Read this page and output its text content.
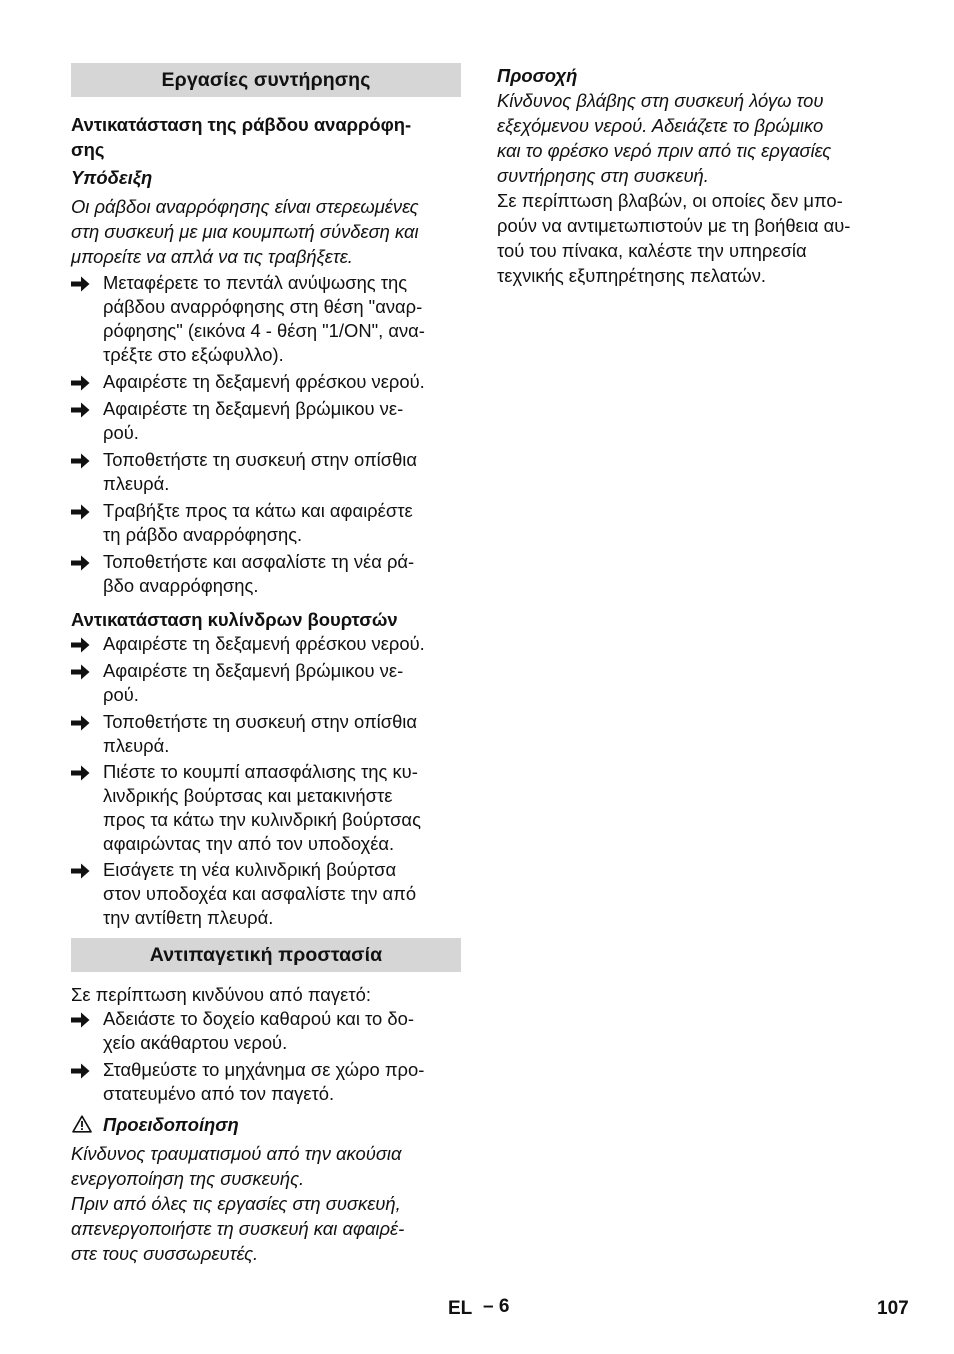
Εργασίες συντήρησης

Αντικατάσταση της ράβδου αναρρόφη-
σης

Υπόδειξη

Οι ράβδοι αναρρόφησης είναι στερεωμένες
στη συσκευή με μια κουμπωτή σύνδεση και
μπορείτε να απλά να τις τραβήξετε.

Μεταφέρετε το πεντάλ ανύψωσης της
ράβδου αναρρόφησης στη θέση "αναρ-
ρόφησης" (εικόνα 4 - θέση "1/ON", ανα-
τρέξτε στο εξώφυλλο).
Αφαιρέστε τη δεξαμενή φρέσκου νερού.
Αφαιρέστε τη δεξαμενή βρώμικου νε-
ρού.
Τοποθετήστε τη συσκευή στην οπίσθια
πλευρά.
Τραβήξτε προς τα κάτω και αφαιρέστε
τη ράβδο αναρρόφησης.
Τοποθετήστε και ασφαλίστε τη νέα ρά-
βδο αναρρόφησης.

Αντικατάσταση κυλίνδρων βουρτσών

Αφαιρέστε τη δεξαμενή φρέσκου νερού.
Αφαιρέστε τη δεξαμενή βρώμικου νε-
ρού.
Τοποθετήστε τη συσκευή στην οπίσθια
πλευρά.
Πιέστε το κουμπί απασφάλισης της κυ-
λινδρικής βούρτσας και μετακινήστε
προς τα κάτω την κυλινδρική βούρτσας
αφαιρώντας την από τον υποδοχέα.
Εισάγετε τη νέα κυλινδρική βούρτσα
στον υποδοχέα και ασφαλίστε την από
την αντίθετη πλευρά.
Αντιπαγετική προστασία

Σε περίπτωση κινδύνου από παγετό:

Αδειάστε το δοχείο καθαρού και το δο-
χείο ακάθαρτου νερού.
Σταθμεύστε το μηχάνημα σε χώρο προ-
στατευμένο από τον παγετό.
Προειδοποίηση

Κίνδυνος τραυματισμού από την ακούσια
ενεργοποίηση της συσκευής.
Πριν από όλες τις εργασίες στη συσκευή,
απενεργοποιήστε τη συσκευή και αφαιρέ-
στε τους συσσωρευτές.

Προσοχή

Κίνδυνος βλάβης στη συσκευή λόγω του
εξεχόμενου νερού. Αδειάζετε το βρώμικο
και το φρέσκο νερό πριν από τις εργασίες
συντήρησης στη συσκευή.

Σε περίπτωση βλαβών, οι οποίες δεν μπο-
ρούν να αντιμετωπιστούν με τη βοήθεια αυ-
τού του πίνακα, καλέστε την υπηρεσία
τεχνικής εξυπηρέτησης πελατών.

EL – 6	107
